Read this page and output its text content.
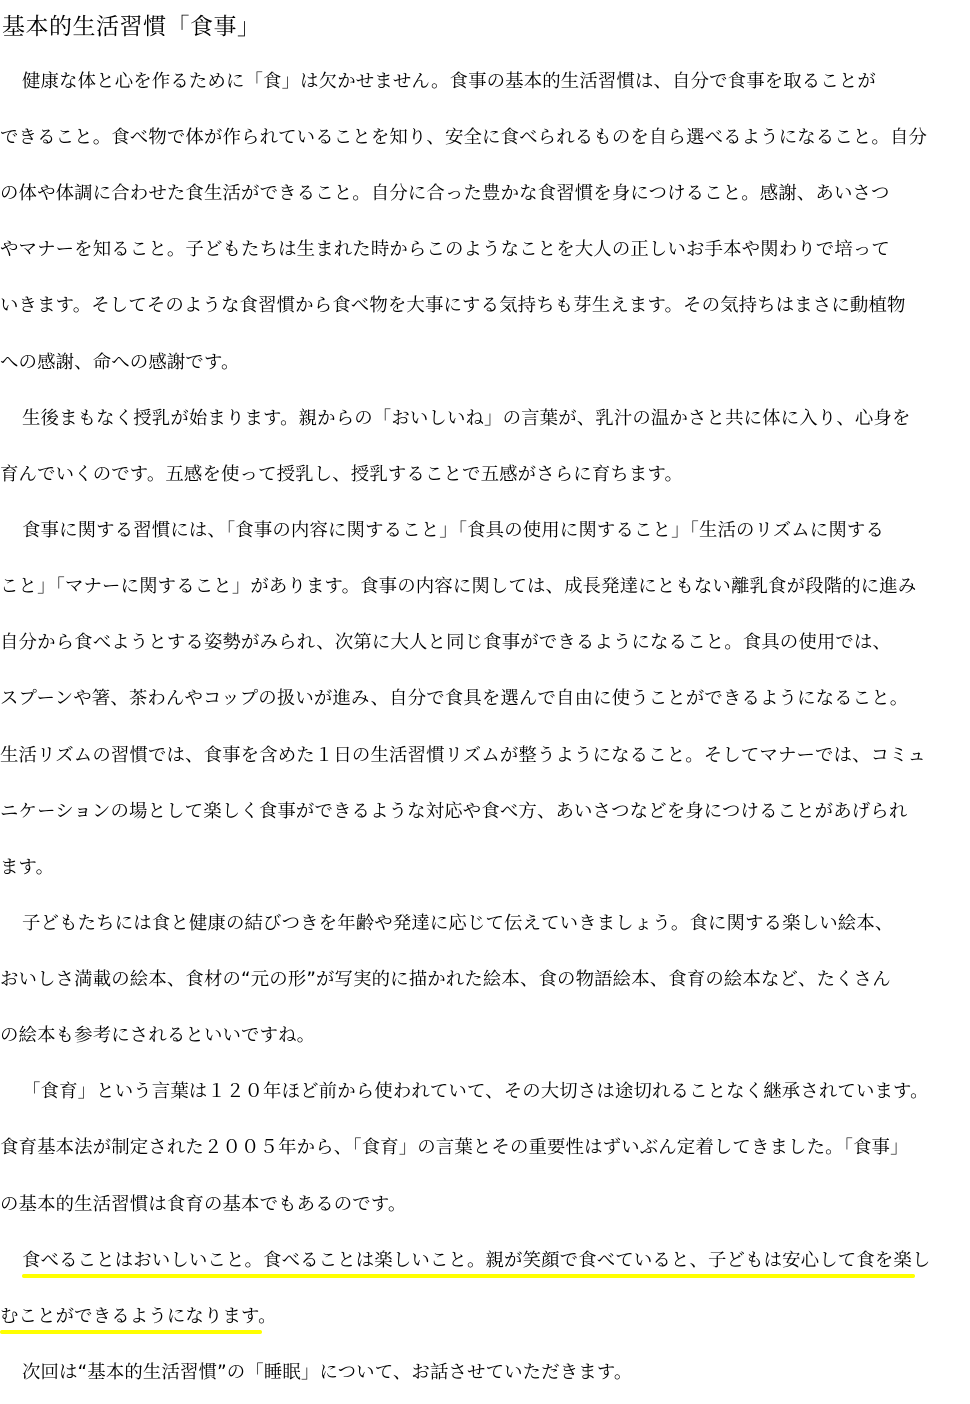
基本的生活習慣「食事」
健康な体と心を作るために「食」は欠かせません。食事の基本的生活習慣は、自分で食事を取ることが
できること。食べ物で体が作られていることを知り、安全に食べられるものを自ら選べるようになること。自分
の体や体調に合わせた食生活ができること。自分に合った豊かな食習慣を身につけること。感謝、あいさつ
やマナーを知ること。子どもたちは生まれた時からこのようなことを大人の正しいお手本や関わりで培って
いきます。そしてそのような食習慣から食べ物を大事にする気持ちも芽生えます。その気持ちはまさに動植物
への感謝、命への感謝です。
生後まもなく授乳が始まります。親からの「おいしいね」の言葉が、乳汁の温かさと共に体に入り、心身を
育んでいくのです。五感を使って授乳し、授乳することで五感がさらに育ちます。
食事に関する習慣には、「食事の内容に関すること」「食具の使用に関すること」「生活のリズムに関する
こと」「マナーに関すること」があります。食事の内容に関しては、成長発達にともない離乳食が段階的に進み
自分から食べようとする姿勢がみられ、次第に大人と同じ食事ができるようになること。食具の使用では、
スプーンや箸、茶わんやコップの扱いが進み、自分で食具を選んで自由に使うことができるようになること。
生活リズムの習慣では、食事を含めた１日の生活習慣リズムが整うようになること。そしてマナーでは、コミュ
ニケーションの場として楽しく食事ができるような対応や食べ方、あいさつなどを身につけることがあげられ
ます。
子どもたちには食と健康の結びつきを年齢や発達に応じて伝えていきましょう。食に関する楽しい絵本、
おいしさ満載の絵本、食材の“元の形”が写実的に描かれた絵本、食の物語絵本、食育の絵本など、たくさん
の絵本も参考にされるといいですね。
「食育」という言葉は１２０年ほど前から使われていて、その大切さは途切れることなく継承されています。
食育基本法が制定された２００５年から、「食育」の言葉とその重要性はずいぶん定着してきました。「食事」
の基本的生活習慣は食育の基本でもあるのです。
食べることはおいしいこと。食べることは楽しいこと。親が笑顔で食べていると、子どもは安心して食を楽し
むことができるようになります。
次回は“基本的生活習慣”の「睡眠」について、お話させていただきます。
